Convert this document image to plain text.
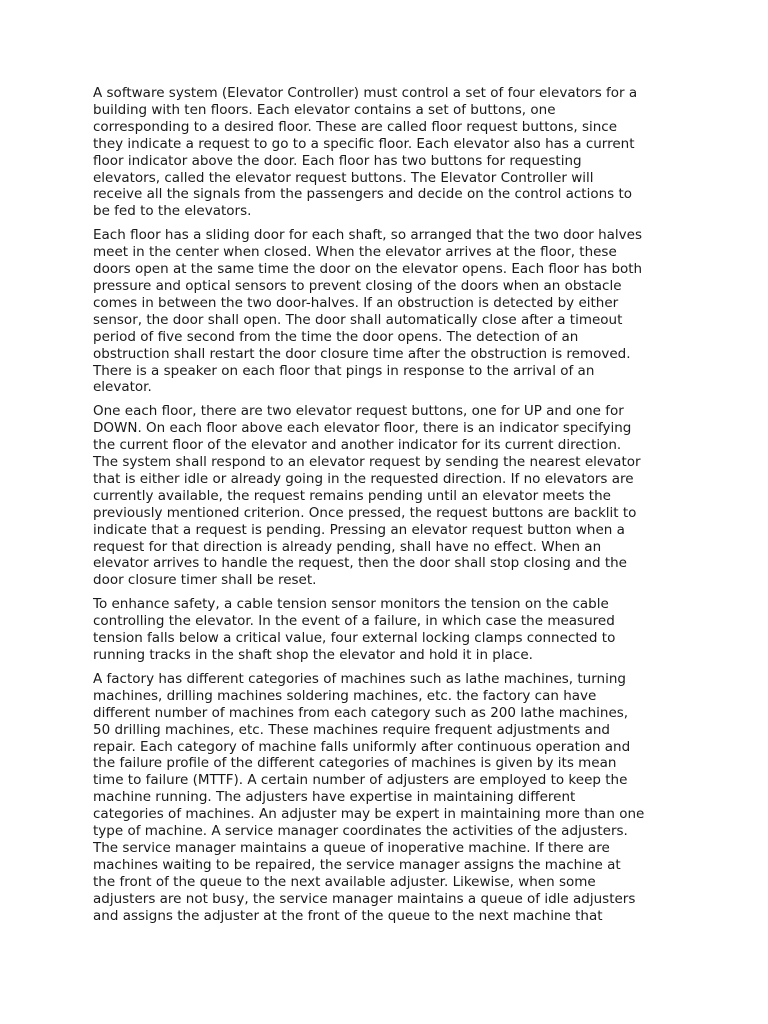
A software system (Elevator Controller) must control a set of four elevators for a
building with ten floors. Each elevator contains a set of buttons, one
corresponding to a desired floor. These are called floor request buttons, since
they indicate a request to go to a specific floor. Each elevator also has a current
floor indicator above the door. Each floor has two buttons for requesting
elevators, called the elevator request buttons. The Elevator Controller will
receive all the signals from the passengers and decide on the control actions to
be fed to the elevators.

Each floor has a sliding door for each shaft, so arranged that the two door halves
meet in the center when closed. When the elevator arrives at the floor, these
doors open at the same time the door on the elevator opens. Each floor has both
pressure and optical sensors to prevent closing of the doors when an obstacle
comes in between the two door-halves. If an obstruction is detected by either
sensor, the door shall open. The door shall automatically close after a timeout
period of five second from the time the door opens. The detection of an
obstruction shall restart the door closure time after the obstruction is removed.
There is a speaker on each floor that pings in response to the arrival of an
elevator.

One each floor, there are two elevator request buttons, one for UP and one for
DOWN. On each floor above each elevator floor, there is an indicator specifying
the current floor of the elevator and another indicator for its current direction.
The system shall respond to an elevator request by sending the nearest elevator
that is either idle or already going in the requested direction. If no elevators are
currently available, the request remains pending until an elevator meets the
previously mentioned criterion. Once pressed, the request buttons are backlit to
indicate that a request is pending. Pressing an elevator request button when a
request for that direction is already pending, shall have no effect. When an
elevator arrives to handle the request, then the door shall stop closing and the
door closure timer shall be reset.

To enhance safety, a cable tension sensor monitors the tension on the cable
controlling the elevator. In the event of a failure, in which case the measured
tension falls below a critical value, four external locking clamps connected to
running tracks in the shaft shop the elevator and hold it in place.

A factory has different categories of machines such as lathe machines, turning
machines, drilling machines soldering machines, etc. the factory can have
different number of machines from each category such as 200 lathe machines,
50 drilling machines, etc. These machines require frequent adjustments and
repair. Each category of machine falls uniformly after continuous operation and
the failure profile of the different categories of machines is given by its mean
time to failure (MTTF). A certain number of adjusters are employed to keep the
machine running. The adjusters have expertise in maintaining different
categories of machines. An adjuster may be expert in maintaining more than one
type of machine. A service manager coordinates the activities of the adjusters.
The service manager maintains a queue of inoperative machine. If there are
machines waiting to be repaired, the service manager assigns the machine at
the front of the queue to the next available adjuster. Likewise, when some
adjusters are not busy, the service manager maintains a queue of idle adjusters
and assigns the adjuster at the front of the queue to the next machine that
